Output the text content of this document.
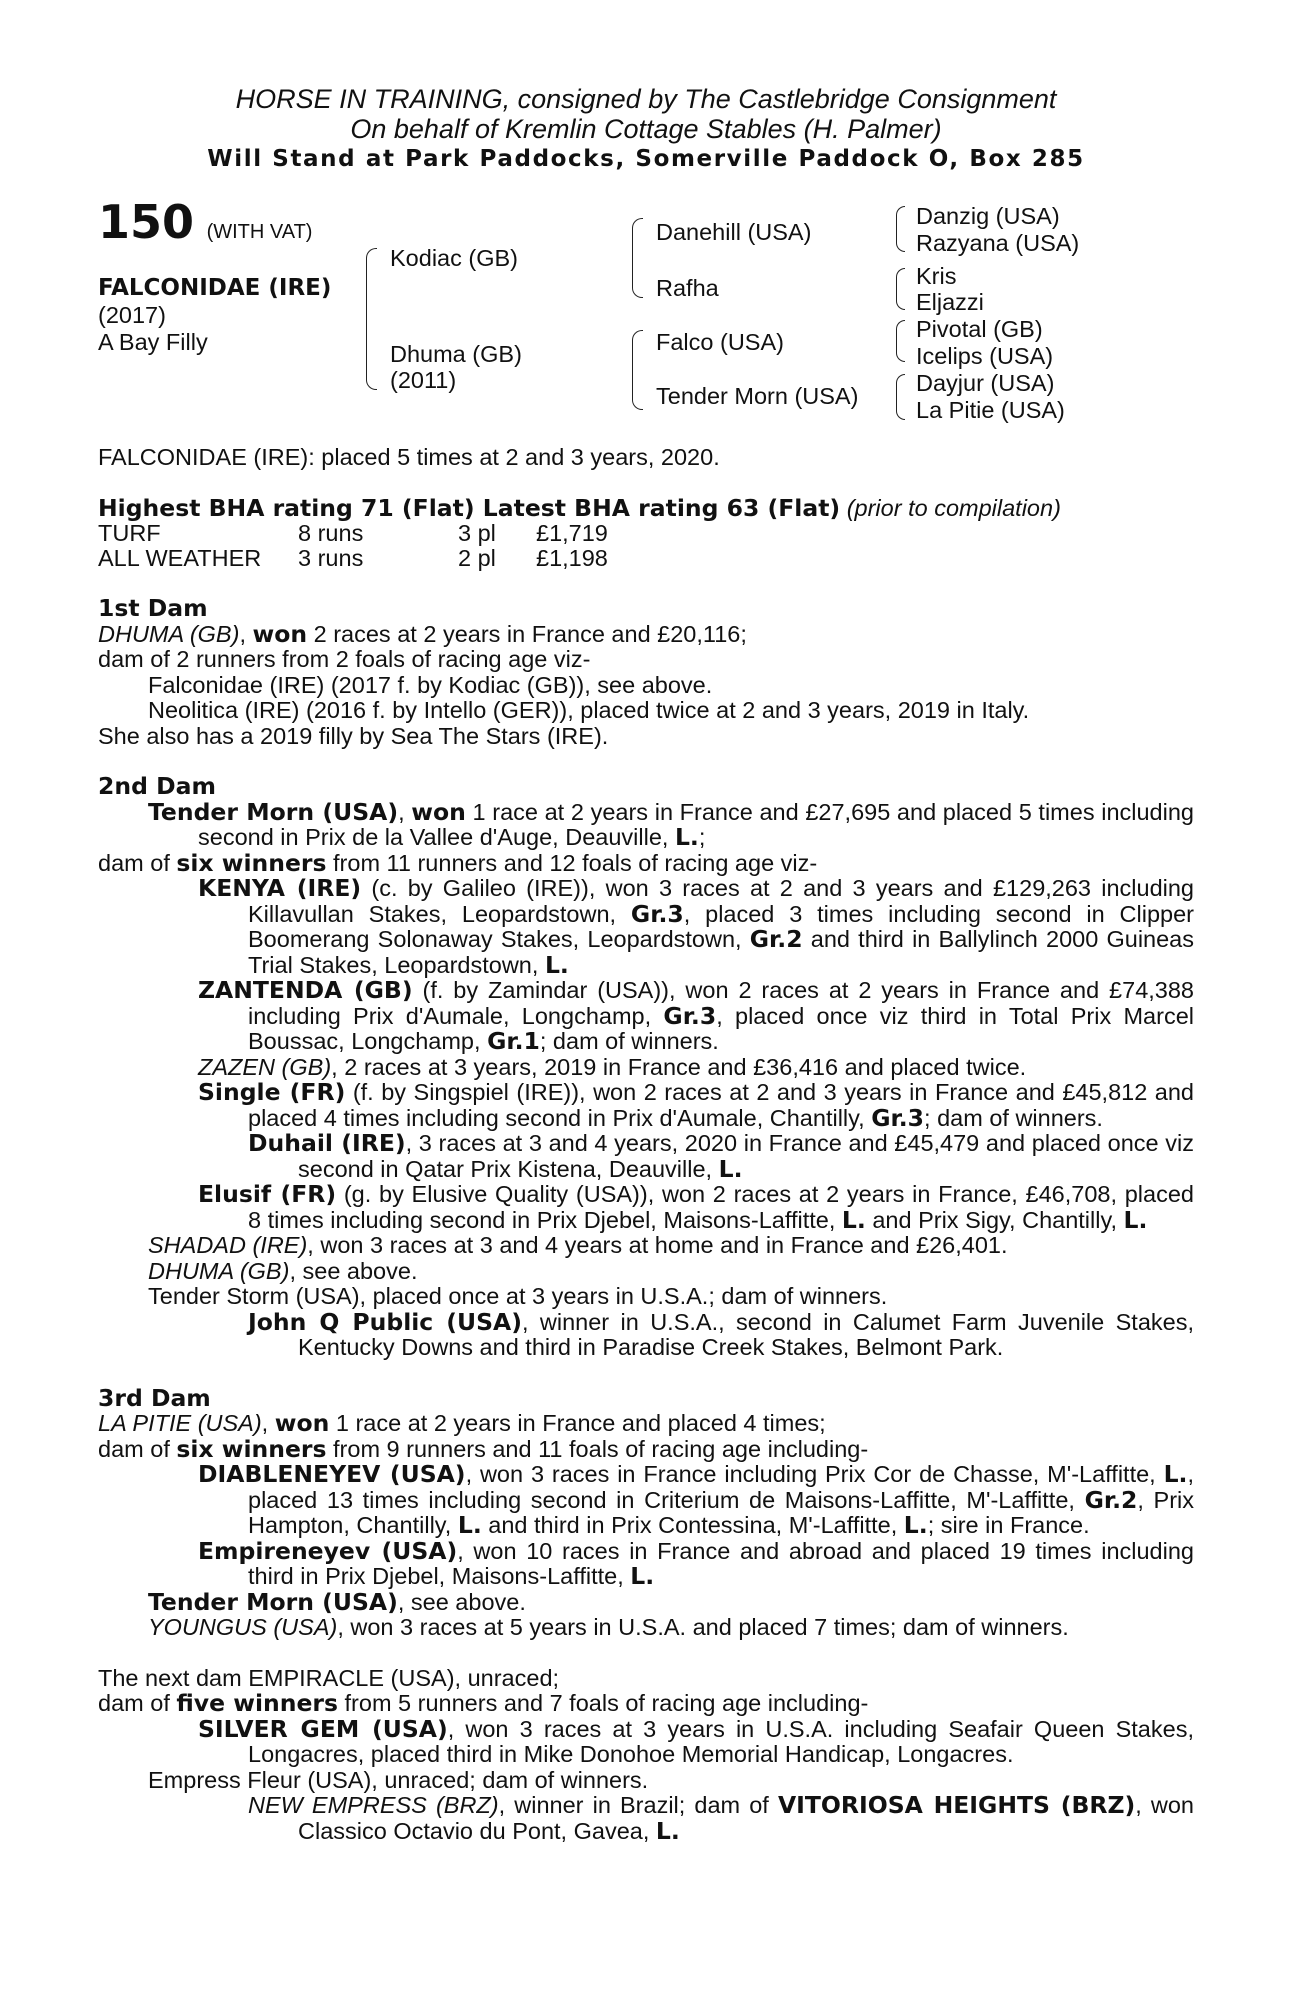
HORSE IN TRAINING, consigned by The Castlebridge Consignment
On behalf of Kremlin Cottage Stables (H. Palmer)
Will Stand at Park Paddocks, Somerville Paddock O, Box 285
150 (WITH VAT)
FALCONIDAE (IRE)
(2017)
A Bay Filly
Kodiac (GB)
Dhuma (GB)
(2011)
Danehill (USA)
Rafha
Falco (USA)
Tender Morn (USA)
Danzig (USA)
Razyana (USA)
Kris
Eljazzi
Pivotal (GB)
Icelips (USA)
Dayjur (USA)
La Pitie (USA)

FALCONIDAE (IRE): placed 5 times at 2 and 3 years, 2020.

Highest BHA rating 71 (Flat) Latest BHA rating 63 (Flat) (prior to compilation)

TURF	8 runs	3 pl	£1,719
ALL WEATHER	3 runs	2 pl	£1,198

1st Dam

DHUMA (GB), won 2 races at 2 years in France and £20,116;

dam of 2 runners from 2 foals of racing age viz-

Falconidae (IRE) (2017 f. by Kodiac (GB)), see above.

Neolitica (IRE) (2016 f. by Intello (GER)), placed twice at 2 and 3 years, 2019 in Italy.

She also has a 2019 filly by Sea The Stars (IRE).

2nd Dam

Tender Morn (USA), won 1 race at 2 years in France and £27,695 and placed 5 times including second in Prix de la Vallee d'Auge, Deauville, L.;

dam of six winners from 11 runners and 12 foals of racing age viz-

KENYA (IRE) (c. by Galileo (IRE)), won 3 races at 2 and 3 years and £129,263 including Killavullan Stakes, Leopardstown, Gr.3, placed 3 times including second in Clipper Boomerang Solonaway Stakes, Leopardstown, Gr.2 and third in Ballylinch 2000 Guineas Trial Stakes, Leopardstown, L.

ZANTENDA (GB) (f. by Zamindar (USA)), won 2 races at 2 years in France and £74,388 including Prix d'Aumale, Longchamp, Gr.3, placed once viz third in Total Prix Marcel Boussac, Longchamp, Gr.1; dam of winners.

ZAZEN (GB), 2 races at 3 years, 2019 in France and £36,416 and placed twice.

Single (FR) (f. by Singspiel (IRE)), won 2 races at 2 and 3 years in France and £45,812 and placed 4 times including second in Prix d'Aumale, Chantilly, Gr.3; dam of winners.

Duhail (IRE), 3 races at 3 and 4 years, 2020 in France and £45,479 and placed once viz second in Qatar Prix Kistena, Deauville, L.

Elusif (FR) (g. by Elusive Quality (USA)), won 2 races at 2 years in France, £46,708, placed 8 times including second in Prix Djebel, Maisons-Laffitte, L. and Prix Sigy, Chantilly, L.

SHADAD (IRE), won 3 races at 3 and 4 years at home and in France and £26,401.

DHUMA (GB), see above.

Tender Storm (USA), placed once at 3 years in U.S.A.; dam of winners.

John Q Public (USA), winner in U.S.A., second in Calumet Farm Juvenile Stakes, Kentucky Downs and third in Paradise Creek Stakes, Belmont Park.

3rd Dam

LA PITIE (USA), won 1 race at 2 years in France and placed 4 times;

dam of six winners from 9 runners and 11 foals of racing age including-

DIABLENEYEV (USA), won 3 races in France including Prix Cor de Chasse, M'-Laffitte, L., placed 13 times including second in Criterium de Maisons-Laffitte, M'-Laffitte, Gr.2, Prix Hampton, Chantilly, L. and third in Prix Contessina, M'-Laffitte, L.; sire in France.

Empireneyev (USA), won 10 races in France and abroad and placed 19 times including third in Prix Djebel, Maisons-Laffitte, L.

Tender Morn (USA), see above.

YOUNGUS (USA), won 3 races at 5 years in U.S.A. and placed 7 times; dam of winners.

The next dam EMPIRACLE (USA), unraced;

dam of five winners from 5 runners and 7 foals of racing age including-

SILVER GEM (USA), won 3 races at 3 years in U.S.A. including Seafair Queen Stakes, Longacres, placed third in Mike Donohoe Memorial Handicap, Longacres.

Empress Fleur (USA), unraced; dam of winners.

NEW EMPRESS (BRZ), winner in Brazil; dam of VITORIOSA HEIGHTS (BRZ), won Classico Octavio du Pont, Gavea, L.
